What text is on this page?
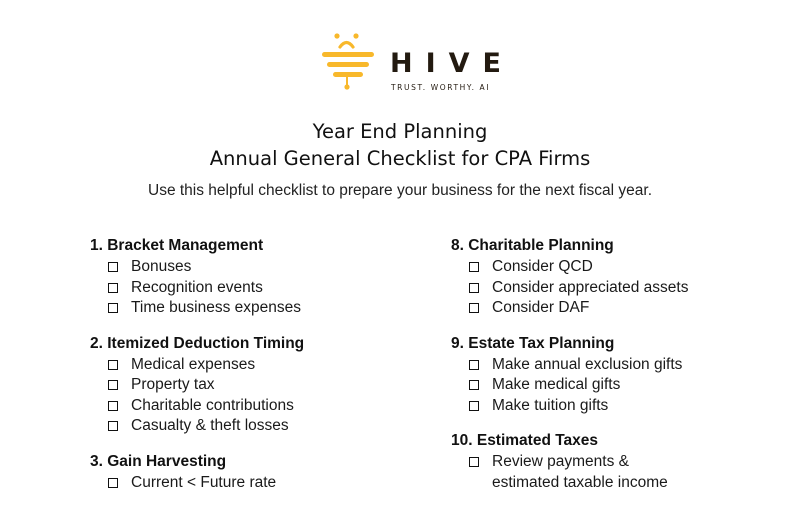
HIVE
TRUST. WORTHY. AI
Year End Planning
Annual General Checklist for CPA Firms
Use this helpful checklist to prepare your business for the next fiscal year.
1. Bracket Management
Bonuses
Recognition events
Time business expenses
2. Itemized Deduction Timing
Medical expenses
Property tax
Charitable contributions
Casualty & theft losses
3. Gain Harvesting
Current < Future rate
8. Charitable Planning
Consider QCD
Consider appreciated assets
Consider DAF
9. Estate Tax Planning
Make annual exclusion gifts
Make medical gifts
Make tuition gifts
10. Estimated Taxes
Review payments & estimated taxable income
